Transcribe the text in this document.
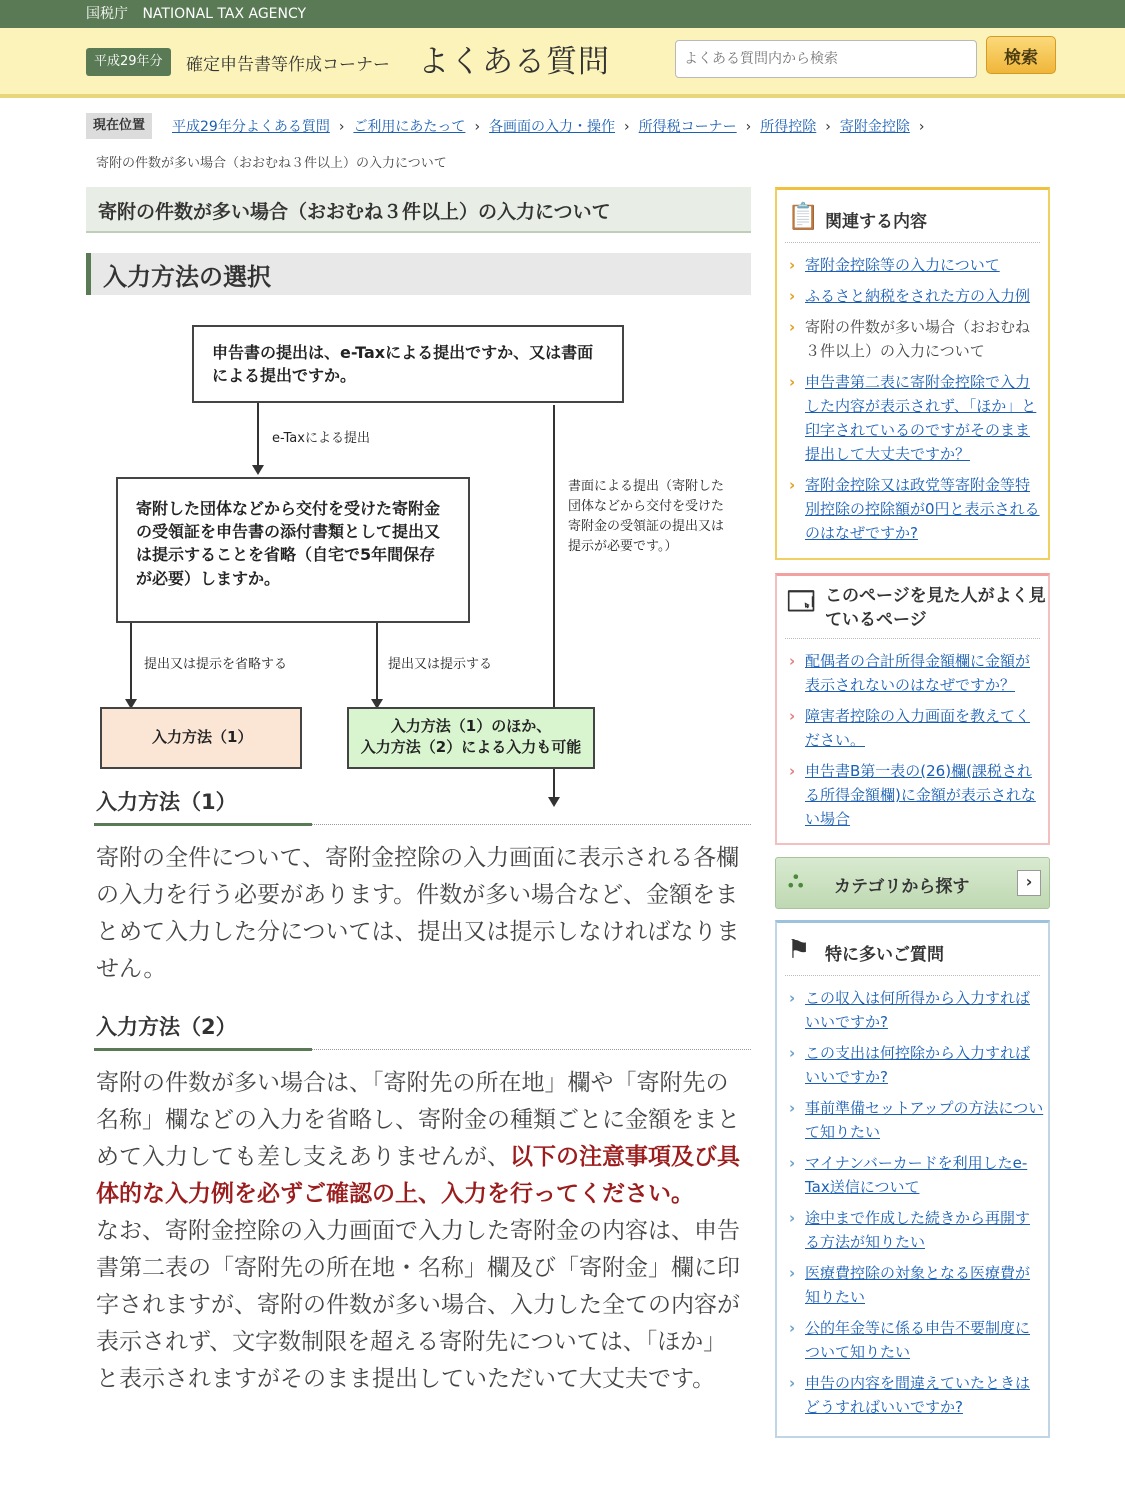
国税庁 NATIONAL TAX AGENCY
平成29年分	確定申告書等作成コーナー よくある質問
よくある質問内から検索	検索
現在位置	平成29年分よくある質問 › ご利用にあたって › 各画面の入力・操作 › 所得税コーナー › 所得控除 › 寄附金控除 ›
寄附の件数が多い場合（おおむね３件以上）の入力について
寄附の件数が多い場合（おおむね３件以上）の入力について
入力方法の選択
申告書の提出は、e-Taxによる提出ですか、又は書面による提出ですか。
e-Taxによる提出
書面による提出（寄附した団体などから交付を受けた寄附金の受領証の提出又は提示が必要です。）
寄附した団体などから交付を受けた寄附金の受領証を申告書の添付書類として提出又は提示することを省略（自宅で5年間保存が必要）しますか。
提出又は提示を省略する	提出又は提示する
入力方法（1）
入力方法（1）のほか、
入力方法（2）による入力も可能
入力方法（1）

寄附の全件について、寄附金控除の入力画面に表示される各欄の入力を行う必要があります。件数が多い場合など、金額をまとめて入力した分については、提出又は提示しなければなりません。

入力方法（2）

寄附の件数が多い場合は、「寄附先の所在地」欄や「寄附先の名称」欄などの入力を省略し、寄附金の種類ごとに金額をまとめて入力しても差し支えありませんが、以下の注意事項及び具体的な入力例を必ずご確認の上、入力を行ってください。
なお、寄附金控除の入力画面で入力した寄附金の内容は、申告書第二表の「寄附先の所在地・名称」欄及び「寄附金」欄に印字されますが、寄附の件数が多い場合、入力した全ての内容が表示されず、文字数制限を超える寄附先については、「ほか」と表示されますがそのまま提出していただいて大丈夫です。

📋 関連する内容
› 寄附金控除等の入力について
› ふるさと納税をされた方の入力例
› 寄附の件数が多い場合（おおむね３件以上）の入力について
› 申告書第二表に寄附金控除で入力した内容が表示されず、「ほか」と印字されているのですがそのまま提出して大丈夫ですか？
› 寄附金控除又は政党等寄附金等特別控除の控除額が0円と表示されるのはなぜですか?
🗔 このページを見た人がよく見ているページ
› 配偶者の合計所得金額欄に金額が表示されないのはなぜですか？
› 障害者控除の入力画面を教えてください。
› 申告書B第一表の(26)欄(課税される所得金額欄)に金額が表示されない場合
⛬ カテゴリから探す	›
⚑ 特に多いご質問
› この収入は何所得から入力すればいいですか?
› この支出は何控除から入力すればいいですか?
› 事前準備セットアップの方法について知りたい
› マイナンバーカードを利用したe-Tax送信について
› 途中まで作成した続きから再開する方法が知りたい
› 医療費控除の対象となる医療費が知りたい
› 公的年金等に係る申告不要制度について知りたい
› 申告の内容を間違えていたときはどうすればいいですか?
